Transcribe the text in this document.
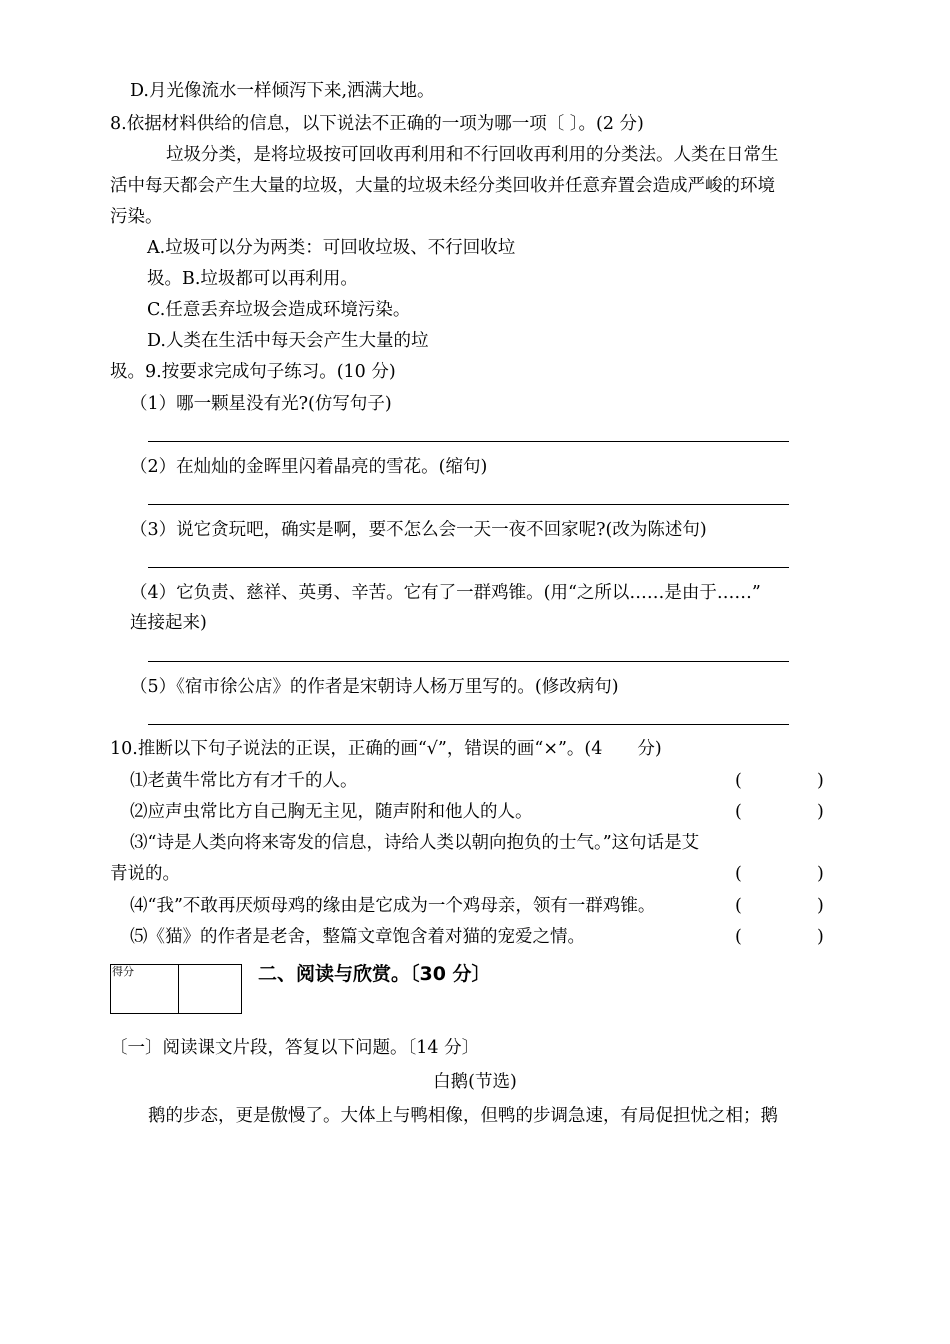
D.月光像流水一样倾泻下来,洒满大地。
8.依据材料供给的信息，以下说法不正确的一项为哪一项〔 〕。(2 分)
垃圾分类，是将垃圾按可回收再利用和不行回收再利用的分类法。人类在日常生
活中每天都会产生大量的垃圾，大量的垃圾未经分类回收并任意弃置会造成严峻的环境
污染。
A.垃圾可以分为两类：可回收垃圾、不行回收垃
圾。B.垃圾都可以再利用。
C.任意丢弃垃圾会造成环境污染。
D.人类在生活中每天会产生大量的垃
圾。9.按要求完成句子练习。(10 分)
（1）哪一颗星没有光?(仿写句子)
（2）在灿灿的金晖里闪着晶亮的雪花。(缩句)
（3）说它贪玩吧，确实是啊，要不怎么会一天一夜不回家呢?(改为陈述句)
（4）它负责、慈祥、英勇、辛苦。它有了一群鸡锥。(用“之所以……是由于……”
连接起来)
（5）《宿市徐公店》的作者是宋朝诗人杨万里写的。(修改病句)
10.推断以下句子说法的正误，正确的画“√”，错误的画“×”。(4　　分)
⑴老黄牛常比方有才千的人。	(	)
⑵应声虫常比方自己胸无主见，随声附和他人的人。	(	)
⑶“诗是人类向将来寄发的信息，诗给人类以朝向抱负的士气。”这句话是艾
青说的。	(	)
⑷“我”不敢再厌烦母鸡的缘由是它成为一个鸡母亲，领有一群鸡锥。	(	)
⑸《猫》的作者是老舍，整篇文章饱含着对猫的宠爱之情。	(	)
得分	二、阅读与欣赏。〔30 分〕
〔一〕阅读课文片段，答复以下问题。〔14 分〕
白鹅(节选)
鹅的步态，更是傲慢了。大体上与鸭相像，但鸭的步调急速，有局促担忧之相；鹅
